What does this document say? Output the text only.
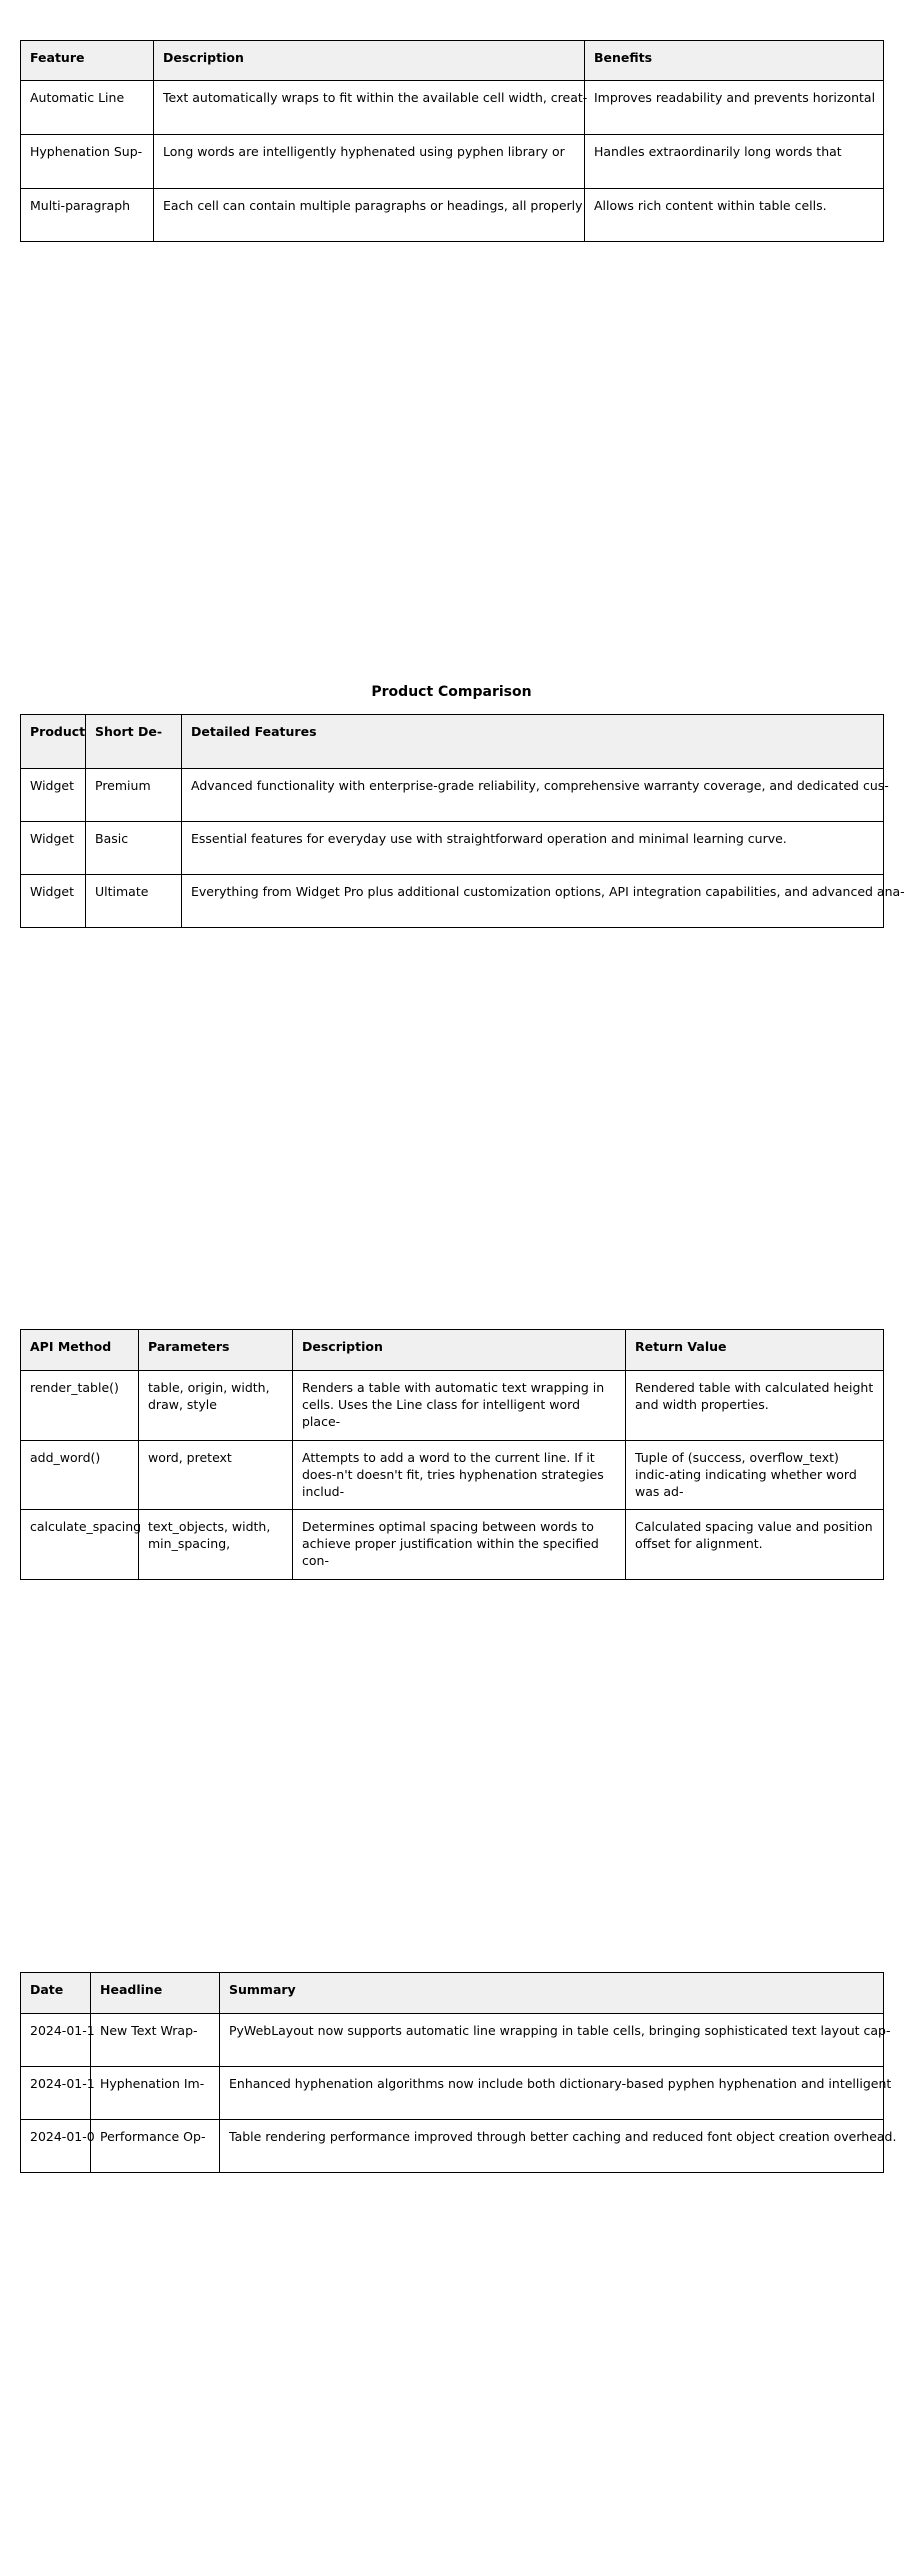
Feature	Description	Benefits

Automatic Line	Text automatically wraps to fit within the available cell width, creat-	Improves readability and prevents horizontal

Hyphenation Sup-	Long words are intelligently hyphenated using pyphen library or	Handles extraordinarily long words that

Multi-paragraph	Each cell can contain multiple paragraphs or headings, all properly	Allows rich content within table cells.
Product Comparison
Product	Short De-	Detailed Features

Widget	Premium	Advanced functionality with enterprise-grade reliability, comprehensive warranty coverage, and dedicated cus-

Widget	Basic	Essential features for everyday use with straightforward operation and minimal learning curve.

Widget	Ultimate	Everything from Widget Pro plus additional customization options, API integration capabilities, and advanced ana-
API Method	Parameters	Description	Return Value

render_table()	table, origin, width, draw, style	Renders a table with automatic text wrapping in cells. Uses the Line class for intelligent word place-	Rendered table with calculated height and width properties.

add_word()	word, pretext	Attempts to add a word to the current line. If it does-n't doesn't fit, tries hyphenation strategies includ-	Tuple of (success, overflow_text) indic-ating indicating whether word was ad-

calculate_spacing	text_objects, width, min_spacing,	Determines optimal spacing between words to achieve proper justification within the specified con-	Calculated spacing value and position offset for alignment.
Date	Headline	Summary

2024-01-1	New Text Wrap-	PyWebLayout now supports automatic line wrapping in table cells, bringing sophisticated text layout cap-

2024-01-1	Hyphenation Im-	Enhanced hyphenation algorithms now include both dictionary-based pyphen hyphenation and intelligent

2024-01-0	Performance Op-	Table rendering performance improved through better caching and reduced font object creation overhead.
